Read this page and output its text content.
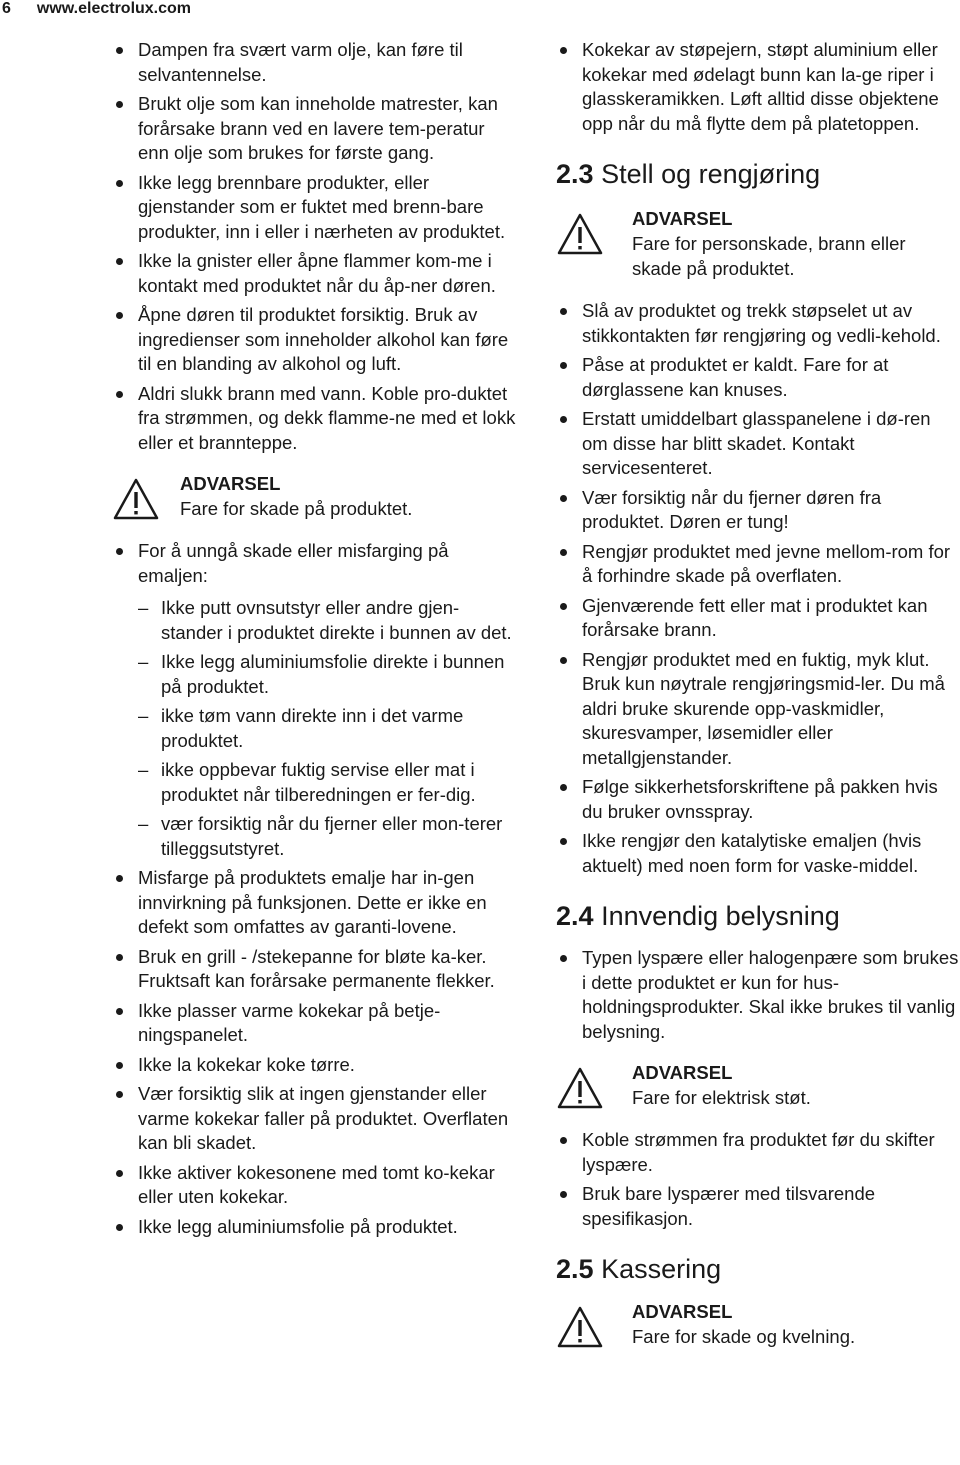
6 www.electrolux.com
Dampen fra svært varm olje, kan føre til selvantennelse.
Brukt olje som kan inneholde matrester, kan forårsake brann ved en lavere tem-peratur enn olje som brukes for første gang.
Ikke legg brennbare produkter, eller gjenstander som er fuktet med brenn-bare produkter, inn i eller i nærheten av produktet.
Ikke la gnister eller åpne flammer kom-me i kontakt med produktet når du åp-ner døren.
Åpne døren til produktet forsiktig. Bruk av ingredienser som inneholder alkohol kan føre til en blanding av alkohol og luft.
Aldri slukk brann med vann. Koble pro-duktet fra strømmen, og dekk flamme-ne med et lokk eller et brannteppe.
ADVARSEL
Fare for skade på produktet.
For å unngå skade eller misfarging på emaljen:
– Ikke putt ovnsutstyr eller andre gjen-stander i produktet direkte i bunnen av det.
– Ikke legg aluminiumsfolie direkte i bunnen på produktet.
– ikke tøm vann direkte inn i det varme produktet.
– ikke oppbevar fuktig servise eller mat i produktet når tilberedningen er fer-dig.
– vær forsiktig når du fjerner eller mon-terer tilleggsutstyret.
Misfarge på produktets emalje har in-gen innvirkning på funksjonen. Dette er ikke en defekt som omfattes av garanti-lovene.
Bruk en grill - /stekepanne for bløte ka-ker. Fruktsaft kan forårsake permanente flekker.
Ikke plasser varme kokekar på betje-ningspanelet.
Ikke la kokekar koke tørre.
Vær forsiktig slik at ingen gjenstander eller varme kokekar faller på produktet. Overflaten kan bli skadet.
Ikke aktiver kokesonene med tomt ko-kekar eller uten kokekar.
Ikke legg aluminiumsfolie på produktet.
Kokekar av støpejern, støpt aluminium eller kokekar med ødelagt bunn kan la-ge riper i glasskeramikken. Løft alltid disse objektene opp når du må flytte dem på platetoppen.
2.3 Stell og rengjøring
ADVARSEL
Fare for personskade, brann eller skade på produktet.
Slå av produktet og trekk støpselet ut av stikkontakten før rengjøring og vedli-kehold.
Påse at produktet er kaldt. Fare for at dørglassene kan knuses.
Erstatt umiddelbart glasspanelene i dø-ren om disse har blitt skadet. Kontakt servicesenteret.
Vær forsiktig når du fjerner døren fra produktet. Døren er tung!
Rengjør produktet med jevne mellom-rom for å forhindre skade på overflaten.
Gjenværende fett eller mat i produktet kan forårsake brann.
Rengjør produktet med en fuktig, myk klut. Bruk kun nøytrale rengjøringsmid-ler. Du må aldri bruke skurende opp-vaskmidler, skuresvamper, løsemidler eller metallgjenstander.
Følge sikkerhetsforskriftene på pakken hvis du bruker ovnsspray.
Ikke rengjør den katalytiske emaljen (hvis aktuelt) med noen form for vaske-middel.
2.4 Innvendig belysning
Typen lyspære eller halogenpære som brukes i dette produktet er kun for hus-holdningsprodukter. Skal ikke brukes til vanlig belysning.
ADVARSEL
Fare for elektrisk støt.
Koble strømmen fra produktet før du skifter lyspære.
Bruk bare lyspærer med tilsvarende spesifikasjon.
2.5 Kassering
ADVARSEL
Fare for skade og kvelning.
